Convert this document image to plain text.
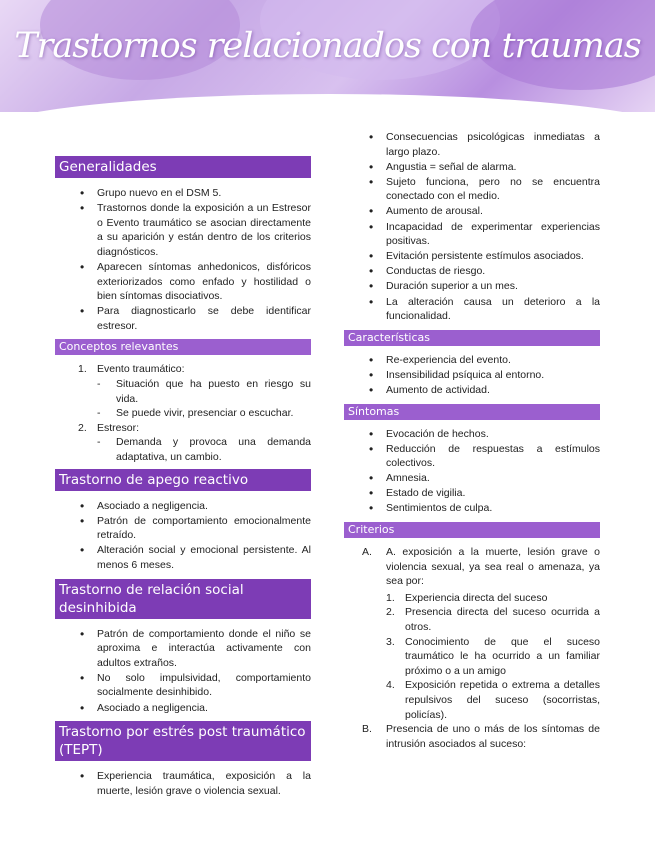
Trastornos relacionados con traumas
Generalidades
• Grupo nuevo en el DSM 5.
• Trastornos donde la exposición a un Estresor o Evento traumático se asocian directamente a su aparición y están dentro de los criterios diagnósticos.
• Aparecen síntomas anhedonicos, disfóricos exteriorizados como enfado y hostilidad o bien síntomas disociativos.
• Para diagnosticarlo se debe identificar estresor.
Conceptos relevantes
1. Evento traumático:
- Situación que ha puesto en riesgo su vida.
- Se puede vivir, presenciar o escuchar.
2. Estresor:
- Demanda y provoca una demanda adaptativa, un cambio.
Trastorno de apego reactivo
• Asociado a negligencia.
• Patrón de comportamiento emocionalmente retraído.
• Alteración social y emocional persistente. Al menos 6 meses.
Trastorno de relación social desinhibida
• Patrón de comportamiento donde el niño se aproxima e interactúa activamente con adultos extraños.
• No solo impulsividad, comportamiento socialmente desinhibido.
• Asociado a negligencia.
Trastorno por estrés post traumático (TEPT)
• Experiencia traumática, exposición a la muerte, lesión grave o violencia sexual.
• Consecuencias psicológicas inmediatas a largo plazo.
• Angustia = señal de alarma.
• Sujeto funciona, pero no se encuentra conectado con el medio.
• Aumento de arousal.
• Incapacidad de experimentar experiencias positivas.
• Evitación persistente estímulos asociados.
• Conductas de riesgo.
• Duración superior a un mes.
• La alteración causa un deterioro a la funcionalidad.
Características
• Re-experiencia del evento.
• Insensibilidad psíquica al entorno.
• Aumento de actividad.
Síntomas
• Evocación de hechos.
• Reducción de respuestas a estímulos colectivos.
• Amnesia.
• Estado de vigilia.
• Sentimientos de culpa.
Criterios
A. A. exposición a la muerte, lesión grave o violencia sexual, ya sea real o amenaza, ya sea por:
1. Experiencia directa del suceso
2. Presencia directa del suceso ocurrida a otros.
3. Conocimiento de que el suceso traumático le ha ocurrido a un familiar próximo o a un amigo
4. Exposición repetida o extrema a detalles repulsivos del suceso (socorristas, policías).
B. Presencia de uno o más de los síntomas de intrusión asociados al suceso:
